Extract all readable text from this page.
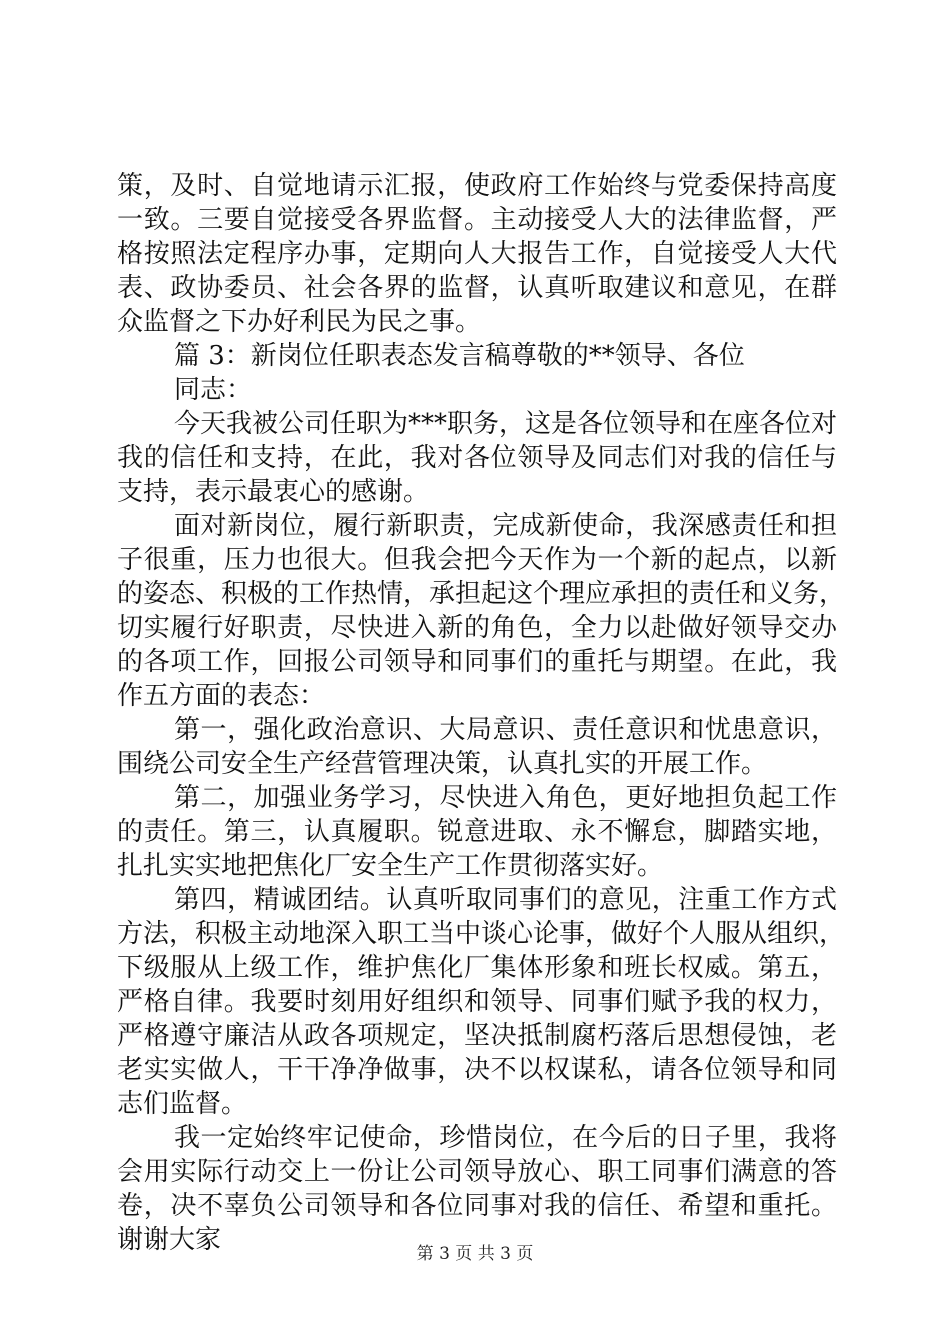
策，及时、自觉地请示汇报，使政府工作始终与党委保持高度
一致。三要自觉接受各界监督。主动接受人大的法律监督，严
格按照法定程序办事，定期向人大报告工作，自觉接受人大代
表、政协委员、社会各界的监督，认真听取建议和意见，在群
众监督之下办好利民为民之事。
篇 3：新岗位任职表态发言稿尊敬的**领导、各位
同志：
今天我被公司任职为***职务，这是各位领导和在座各位对
我的信任和支持，在此，我对各位领导及同志们对我的信任与
支持，表示最衷心的感谢。
面对新岗位，履行新职责，完成新使命，我深感责任和担
子很重，压力也很大。但我会把今天作为一个新的起点，以新
的姿态、积极的工作热情，承担起这个理应承担的责任和义务，
切实履行好职责，尽快进入新的角色，全力以赴做好领导交办
的各项工作，回报公司领导和同事们的重托与期望。在此，我
作五方面的表态：
第一，强化政治意识、大局意识、责任意识和忧患意识，
围绕公司安全生产经营管理决策，认真扎实的开展工作。
第二，加强业务学习，尽快进入角色，更好地担负起工作
的责任。第三，认真履职。锐意进取、永不懈怠，脚踏实地，
扎扎实实地把焦化厂安全生产工作贯彻落实好。
第四，精诚团结。认真听取同事们的意见，注重工作方式
方法，积极主动地深入职工当中谈心论事，做好个人服从组织，
下级服从上级工作，维护焦化厂集体形象和班长权威。第五，
严格自律。我要时刻用好组织和领导、同事们赋予我的权力，
严格遵守廉洁从政各项规定，坚决抵制腐朽落后思想侵蚀，老
老实实做人，干干净净做事，决不以权谋私，请各位领导和同
志们监督。
我一定始终牢记使命，珍惜岗位，在今后的日子里，我将
会用实际行动交上一份让公司领导放心、职工同事们满意的答
卷，决不辜负公司领导和各位同事对我的信任、希望和重托。
谢谢大家	第 3 页 共 3 页
